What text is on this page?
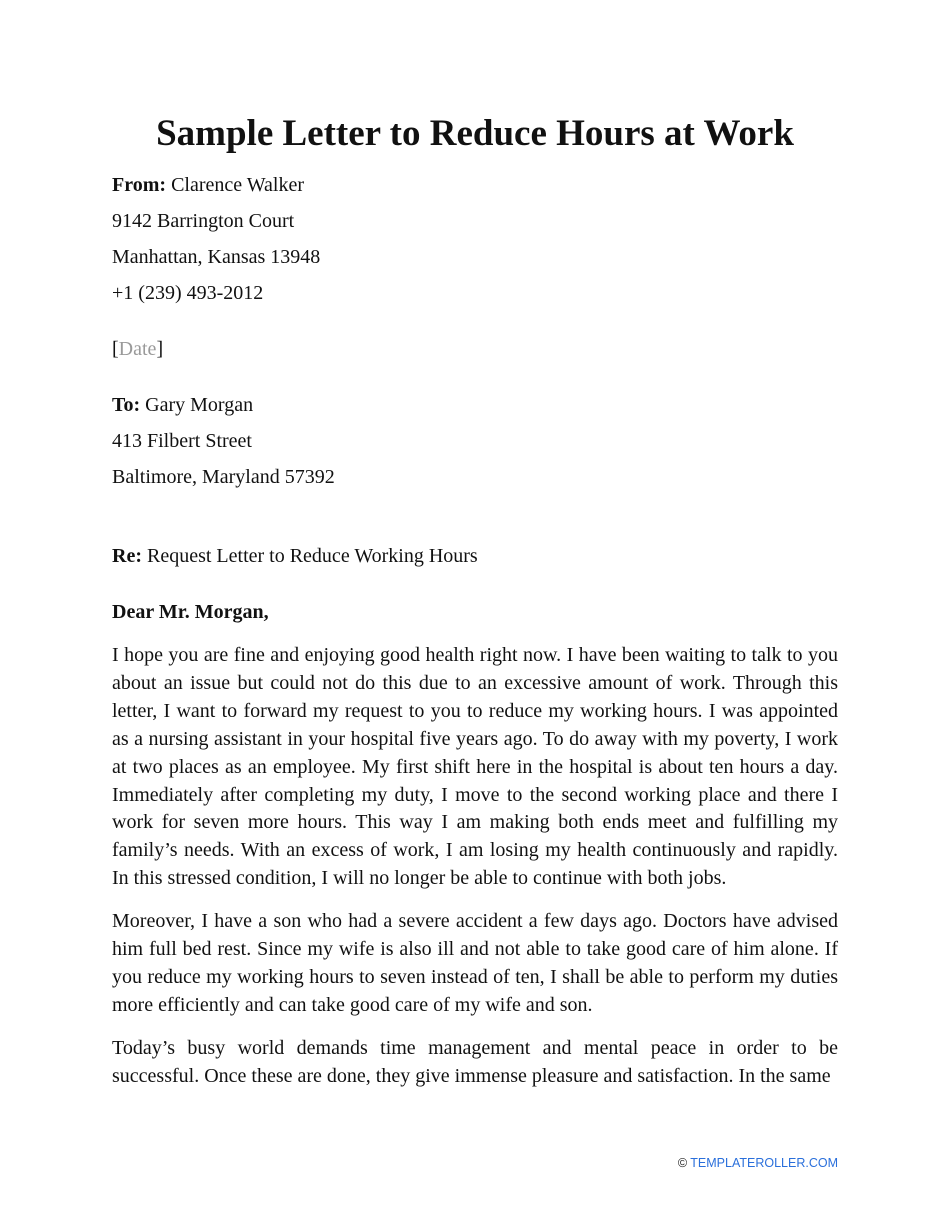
Sample Letter to Reduce Hours at Work

From: Clarence Walker

9142 Barrington Court

Manhattan, Kansas 13948

+1 (239) 493-2012

[Date]

To: Gary Morgan

413 Filbert Street

Baltimore, Maryland 57392

Re: Request Letter to Reduce Working Hours

Dear Mr. Morgan,

I hope you are fine and enjoying good health right now. I have been waiting to talk to you about an issue but could not do this due to an excessive amount of work. Through this letter, I want to forward my request to you to reduce my working hours. I was appointed as a nursing assistant in your hospital five years ago. To do away with my poverty, I work at two places as an employee. My first shift here in the hospital is about ten hours a day. Immediately after completing my duty, I move to the second working place and there I work for seven more hours. This way I am making both ends meet and fulfilling my family’s needs. With an excess of work, I am losing my health continuously and rapidly. In this stressed condition, I will no longer be able to continue with both jobs.

Moreover, I have a son who had a severe accident a few days ago. Doctors have advised him full bed rest. Since my wife is also ill and not able to take good care of him alone. If you reduce my working hours to seven instead of ten, I shall be able to perform my duties more efficiently and can take good care of my wife and son.

Today’s busy world demands time management and mental peace in order to be successful. Once these are done, they give immense pleasure and satisfaction. In the same

© TEMPLATEROLLER.COM
